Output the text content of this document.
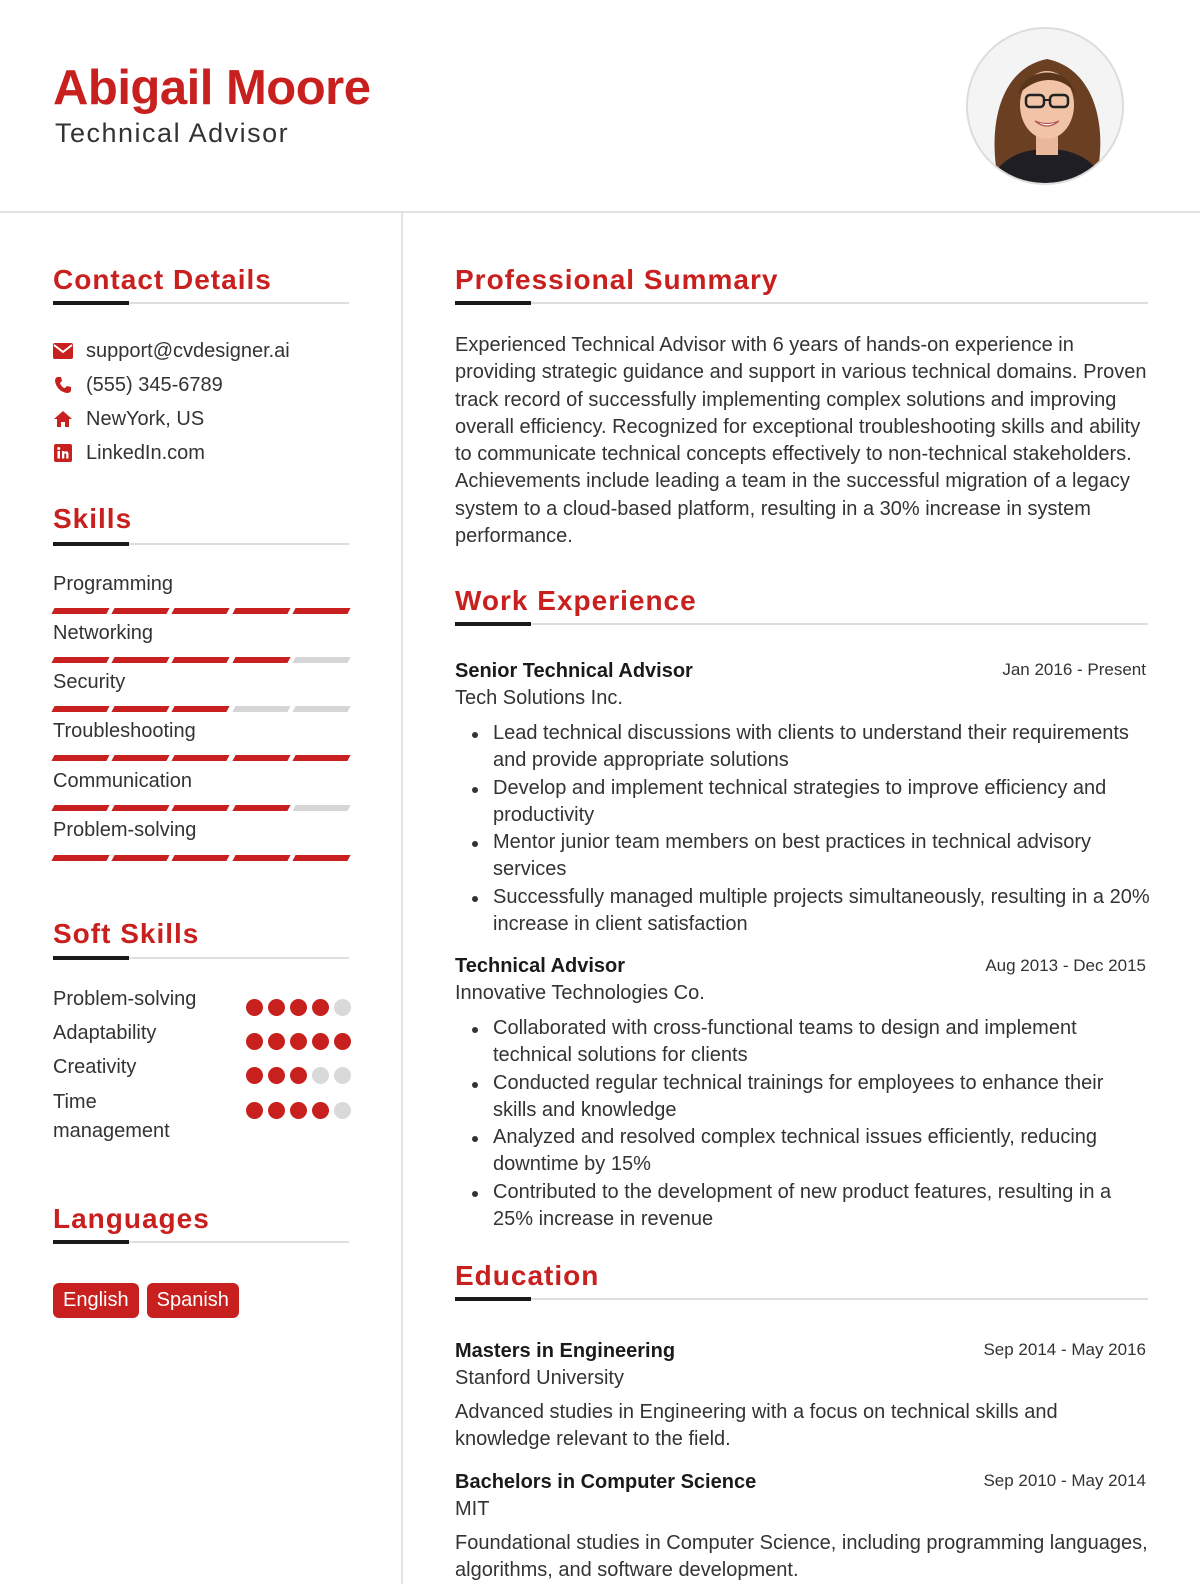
Abigail Moore
Technical Advisor
Contact Details
support@cvdesigner.ai
(555) 345-6789
NewYork, US
LinkedIn.com
Skills
Programming
Networking
Security
Troubleshooting
Communication
Problem-solving
Soft Skills
Problem-solving
Adaptability
Creativity
Time management
Languages
English	Spanish
Professional Summary
Experienced Technical Advisor with 6 years of hands-on experience in providing strategic guidance and support in various technical domains. Proven track record of successfully implementing complex solutions and improving overall efficiency. Recognized for exceptional troubleshooting skills and ability to communicate technical concepts effectively to non-technical stakeholders. Achievements include leading a team in the successful migration of a legacy system to a cloud-based platform, resulting in a 30% increase in system performance.
Work Experience
Senior Technical Advisor	Jan 2016 - Present
Tech Solutions Inc.
Lead technical discussions with clients to understand their requirements and provide appropriate solutions
Develop and implement technical strategies to improve efficiency and productivity
Mentor junior team members on best practices in technical advisory services
Successfully managed multiple projects simultaneously, resulting in a 20% increase in client satisfaction
Technical Advisor	Aug 2013 - Dec 2015
Innovative Technologies Co.
Collaborated with cross-functional teams to design and implement technical solutions for clients
Conducted regular technical trainings for employees to enhance their skills and knowledge
Analyzed and resolved complex technical issues efficiently, reducing downtime by 15%
Contributed to the development of new product features, resulting in a 25% increase in revenue
Education
Masters in Engineering	Sep 2014 - May 2016
Stanford University
Advanced studies in Engineering with a focus on technical skills and knowledge relevant to the field.
Bachelors in Computer Science	Sep 2010 - May 2014
MIT
Foundational studies in Computer Science, including programming languages, algorithms, and software development.
